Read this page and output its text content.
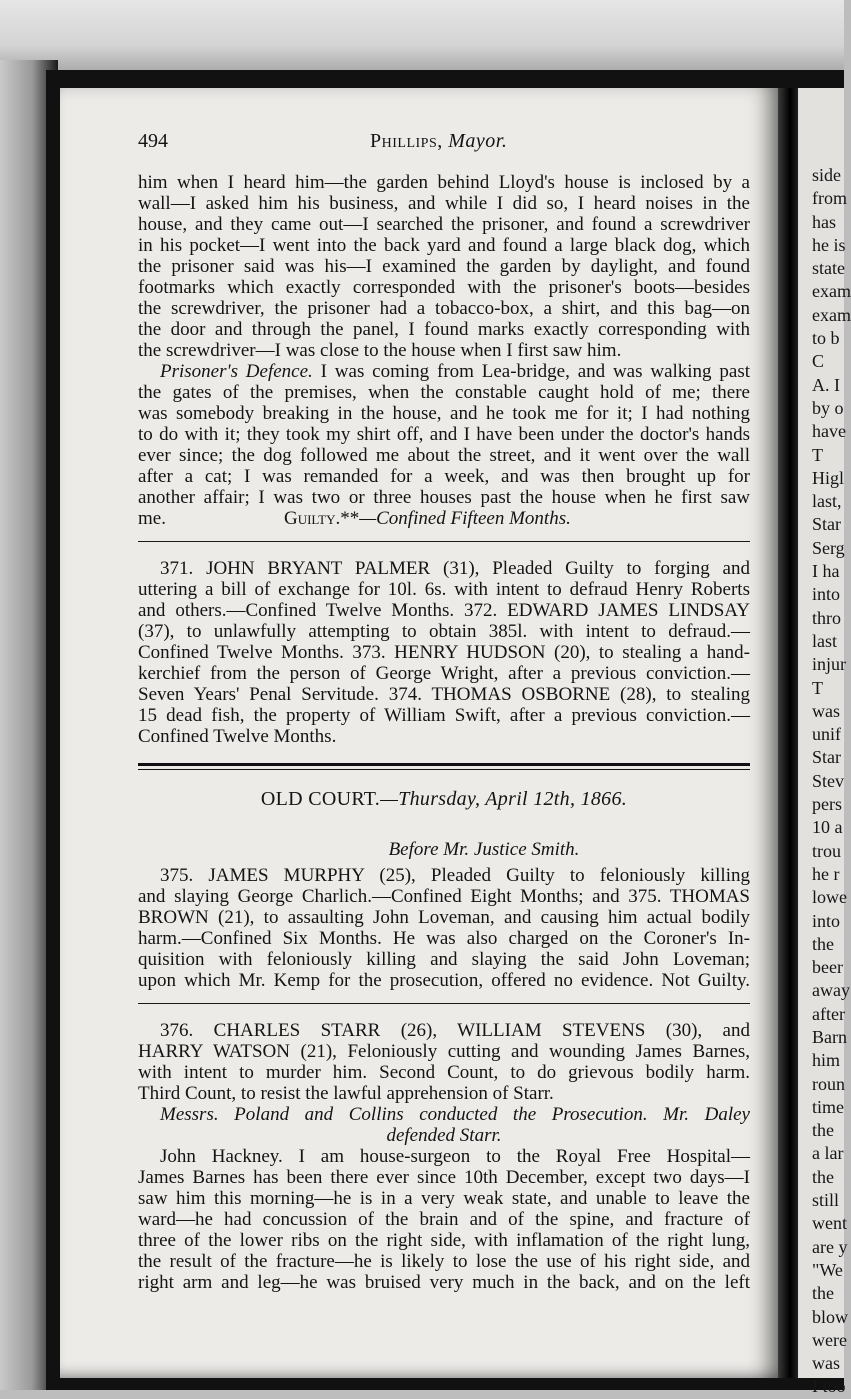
side
from
has
he is
state
exam
exam
to b
C
A. I
by o
have
T
Higl
last,
Star
Serg
I ha
into
thro
last
injur
T
was
unif
Star
Stev
pers
10 a
trou
he r
lowe
into
the
beer
away
after
Barn
him
roun
time
the
a lar
the
still
went
are y
"We
the
blow
were
was
I too
494	Phillips, Mayor.
him when I heard him—the garden behind Lloyd's house is inclosed by a
wall—I asked him his business, and while I did so, I heard noises in the
house, and they came out—I searched the prisoner, and found a screwdriver
in his pocket—I went into the back yard and found a large black dog, which
the prisoner said was his—I examined the garden by daylight, and found
footmarks which exactly corresponded with the prisoner's boots—besides
the screwdriver, the prisoner had a tobacco-box, a shirt, and this bag—on
the door and through the panel, I found marks exactly corresponding with
the screwdriver—I was close to the house when I first saw him.
Prisoner's Defence. I was coming from Lea-bridge, and was walking past
the gates of the premises, when the constable caught hold of me; there
was somebody breaking in the house, and he took me for it; I had nothing
to do with it; they took my shirt off, and I have been under the doctor's hands
ever since; the dog followed me about the street, and it went over the wall
after a cat; I was remanded for a week, and was then brought up for
another affair; I was two or three houses past the house when he first saw
me.	Guilty.**—Confined Fifteen Months.
371. JOHN BRYANT PALMER (31), Pleaded Guilty to forging and
uttering a bill of exchange for 10l. 6s. with intent to defraud Henry Roberts
and others.—Confined Twelve Months. 372. EDWARD JAMES LINDSAY
(37), to unlawfully attempting to obtain 385l. with intent to defraud.—
Confined Twelve Months. 373. HENRY HUDSON (20), to stealing a hand-
kerchief from the person of George Wright, after a previous conviction.—
Seven Years' Penal Servitude. 374. THOMAS OSBORNE (28), to stealing
15 dead fish, the property of William Swift, after a previous conviction.—
Confined Twelve Months.
OLD COURT.—Thursday, April 12th, 1866.
Before Mr. Justice Smith.
375. JAMES MURPHY (25), Pleaded Guilty to feloniously killing
and slaying George Charlich.—Confined Eight Months; and 375. THOMAS
BROWN (21), to assaulting John Loveman, and causing him actual bodily
harm.—Confined Six Months. He was also charged on the Coroner's In-
quisition with feloniously killing and slaying the said John Loveman;
upon which Mr. Kemp for the prosecution, offered no evidence. Not Guilty.
376. CHARLES STARR (26), WILLIAM STEVENS (30), and
HARRY WATSON (21), Feloniously cutting and wounding James Barnes,
with intent to murder him. Second Count, to do grievous bodily harm.
Third Count, to resist the lawful apprehension of Starr.
Messrs. Poland and Collins conducted the Prosecution. Mr. Daley
defended Starr.
John Hackney. I am house-surgeon to the Royal Free Hospital—
James Barnes has been there ever since 10th December, except two days—I
saw him this morning—he is in a very weak state, and unable to leave the
ward—he had concussion of the brain and of the spine, and fracture of
three of the lower ribs on the right side, with inflamation of the right lung,
the result of the fracture—he is likely to lose the use of his right side, and
right arm and leg—he was bruised very much in the back, and on the left
